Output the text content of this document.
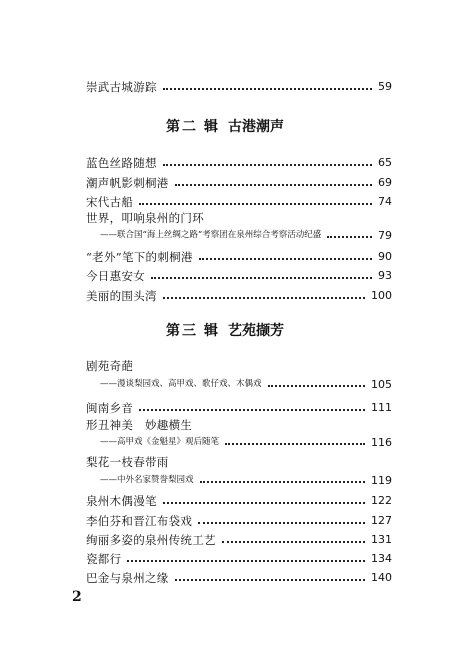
崇武古城游踪	59
第 二 辑 古港潮声
蓝色丝路随想	65
潮声帆影刺桐港	69
宋代古船	74
世界，叩响泉州的门环
——联合国“海上丝绸之路”考察团在泉州综合考察活动纪盛	79
“老外”笔下的刺桐港	90
今日惠安女	93
美丽的围头湾	100
第 三 辑 艺苑撷芳
剧苑奇葩
——漫谈梨园戏、高甲戏、歌仔戏、木偶戏	105
闽南乡音	111
形丑神美　妙趣横生
——高甲戏《金魁星》观后随笔	116
梨花一枝春带雨
——中外名家赞誉梨园戏	119
泉州木偶漫笔	122
李伯芬和晋江布袋戏	127
绚丽多姿的泉州传统工艺	131
瓷都行	134
巴金与泉州之缘	140
2
